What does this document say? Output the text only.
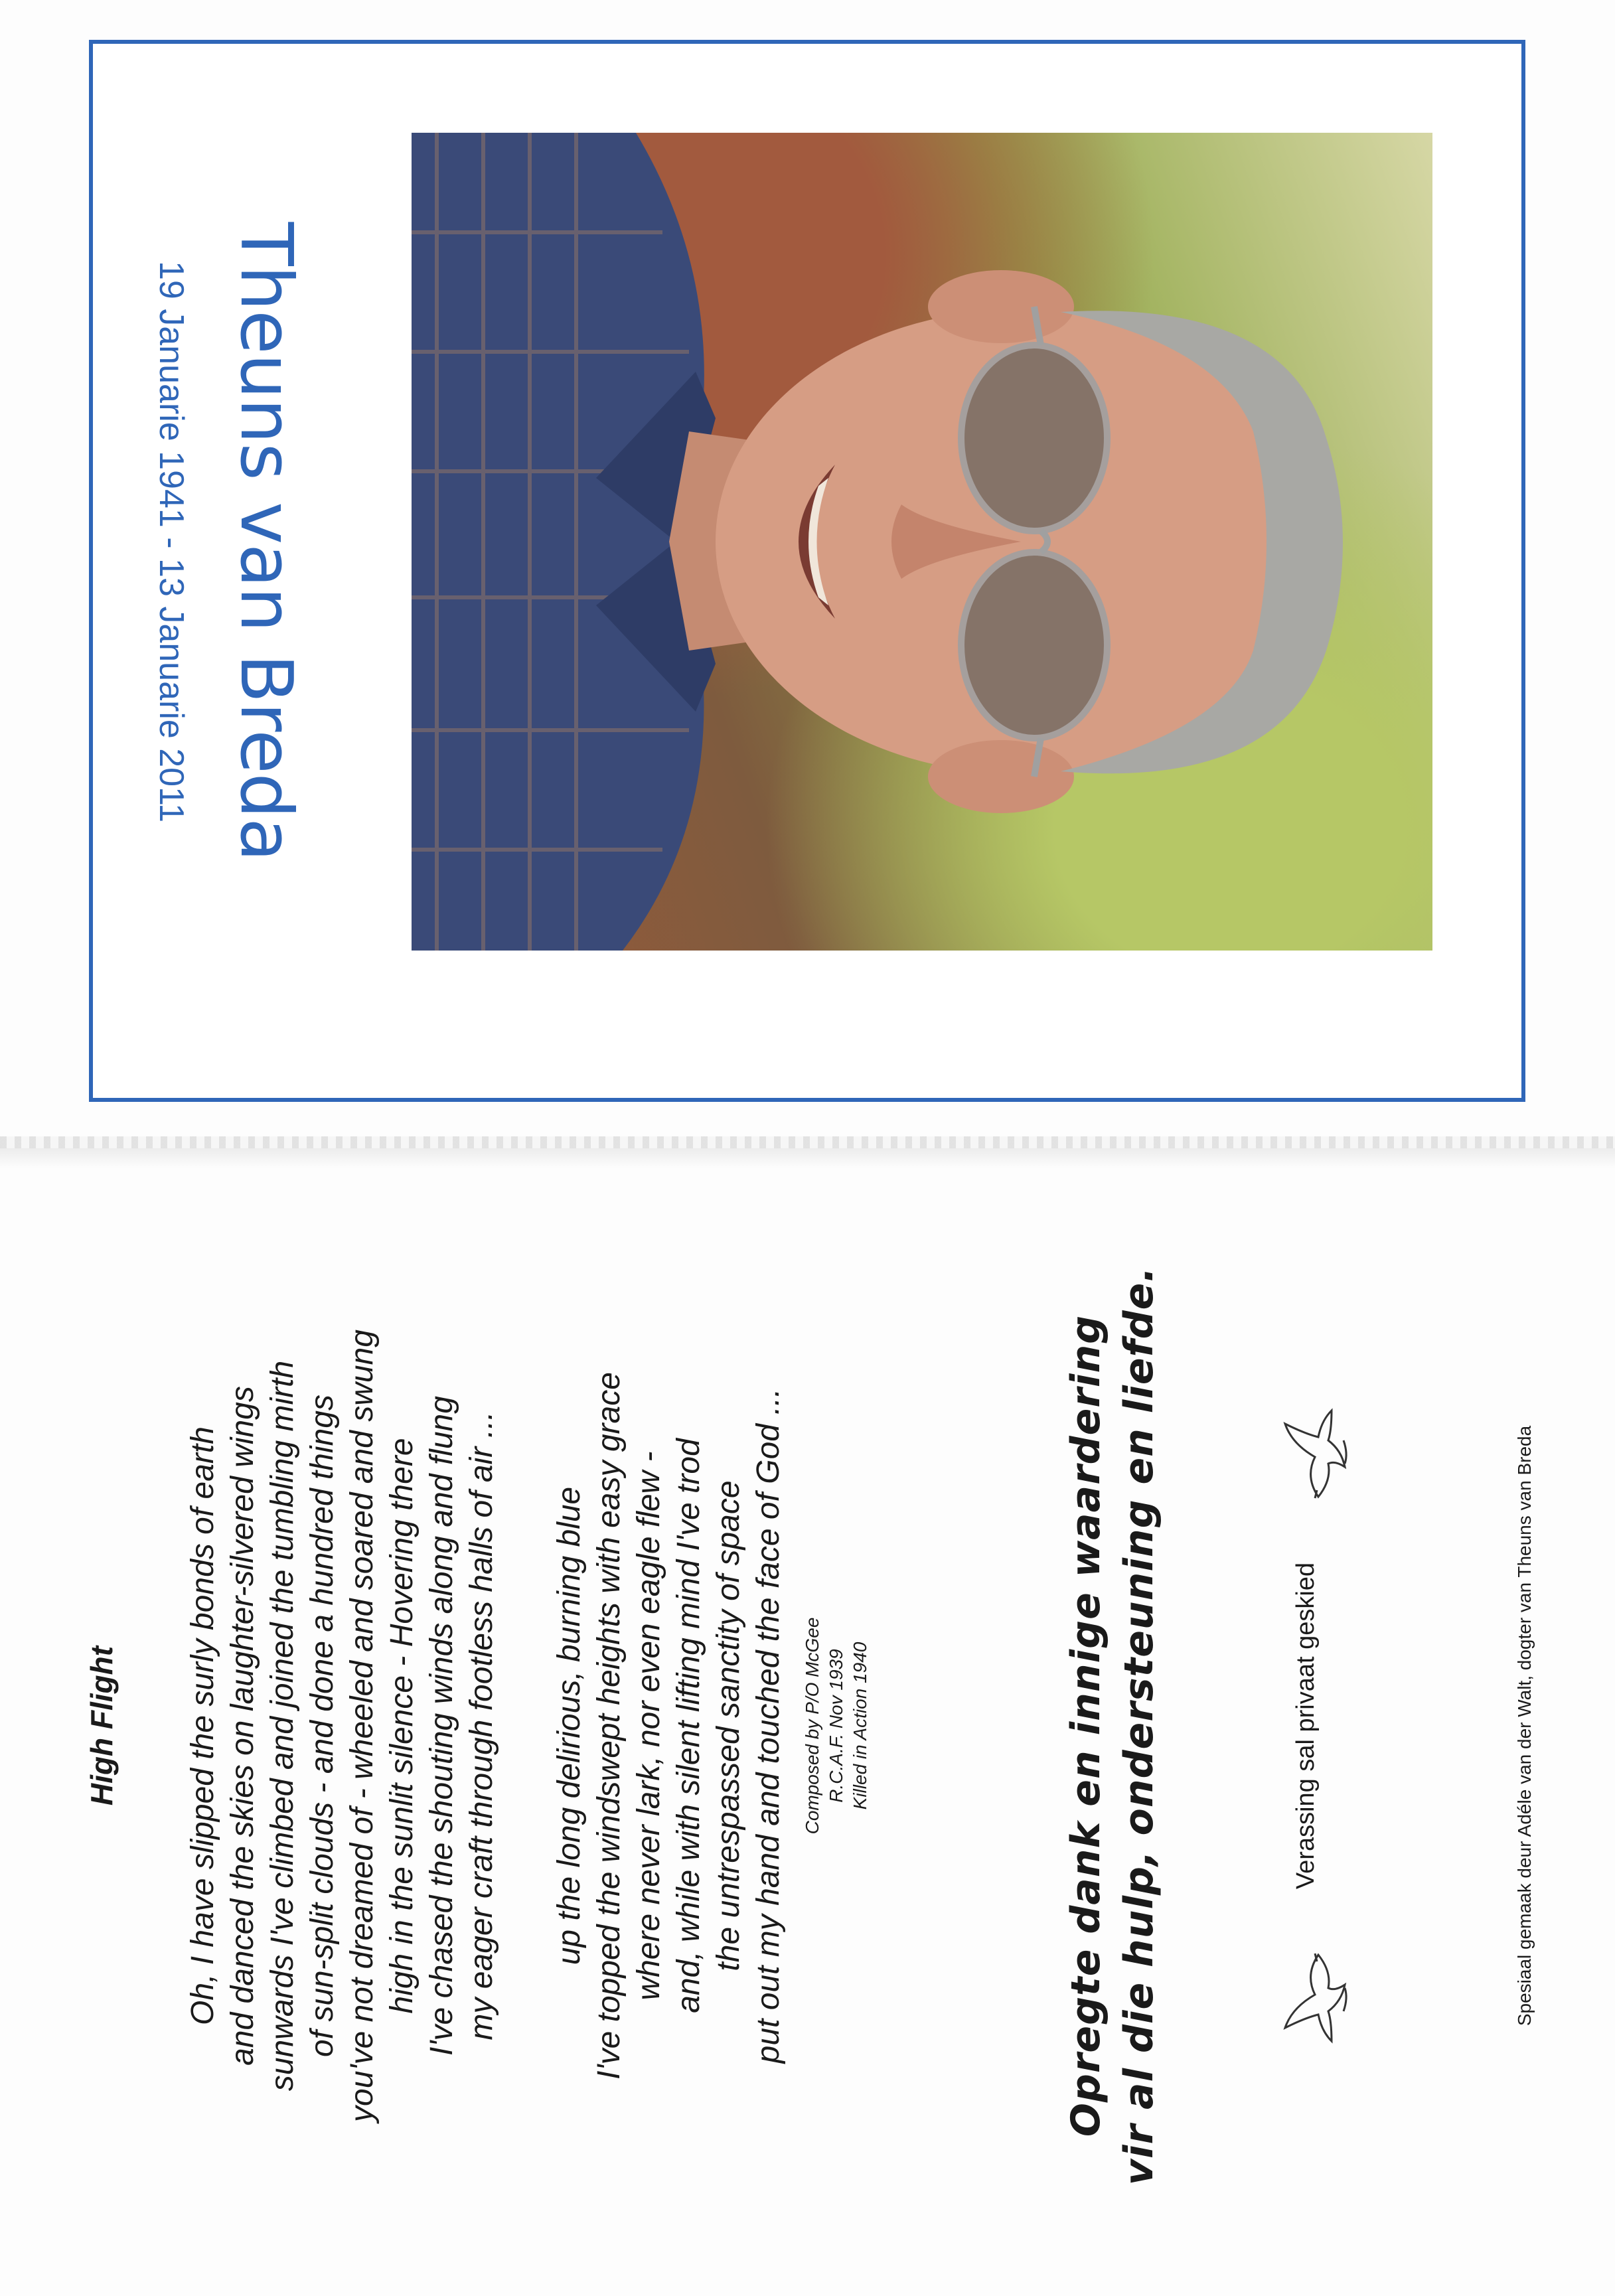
Theuns van Breda
19 Januarie 1941 - 13 Januarie 2011
High Flight Oh, I have slipped the surly bonds of earth and danced the skies on laughter-silvered wings sunwards I've climbed and joined the tumbling mirth of sun-split clouds - and done a hundred things you've not dreamed of - wheeled and soared and swung high in the sunlit silence - Hovering there I've chased the shouting winds along and flung my eager craft through footless halls of air ... up the long delirious, burning blue I've topped the windswept heights with easy grace where never lark, nor even eagle flew - and, while with silent lifting mind I've trod the untrespassed sanctity of space put out my hand and touched the face of God ... Composed by P/O McGee R.C.A.F. Nov 1939 Killed in Action 1940	Opregte dank en innige waardering vir al die hulp, ondersteuning en liefde.	Verassing sal privaat geskied	Spesiaal gemaak deur Adéle van der Walt, dogter van Theuns van Breda
